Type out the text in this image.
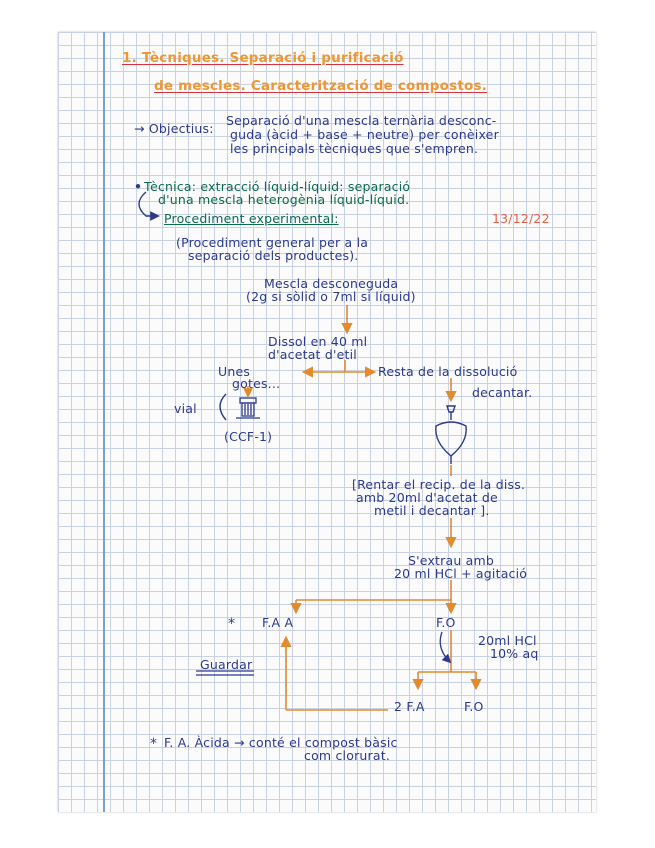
1. Tècniques. Separació i purificació
de mescles. Caracterització de compostos.
→ Objectius:
Separació d'una mescla ternària desconc-
guda (àcid + base + neutre) per conèixer
les principals tècniques que s'empren.
• Tècnica: extracció líquid-líquid: separació
d'una mescla heterogènia líquid-líquid.
Procediment experimental:	13/12/22
(Procediment general per a la
separació dels productes).
Mescla desconeguda
(2g si sòlid o 7ml si líquid)
Dissol en 40 ml
d'acetat d'etil
Unes
gotes...
vial
(CCF-1)
Resta de la dissolució
decantar.
[Rentar el recip. de la diss.
amb 20ml d'acetat de
metil i decantar ].
S'extrau amb
20 ml HCl + agitació
* F.A A	F.O
20ml HCl
10% aq
Guardar
2 F.A	F.O
* F. A. Àcida → conté el compost bàsic
com clorurat.
